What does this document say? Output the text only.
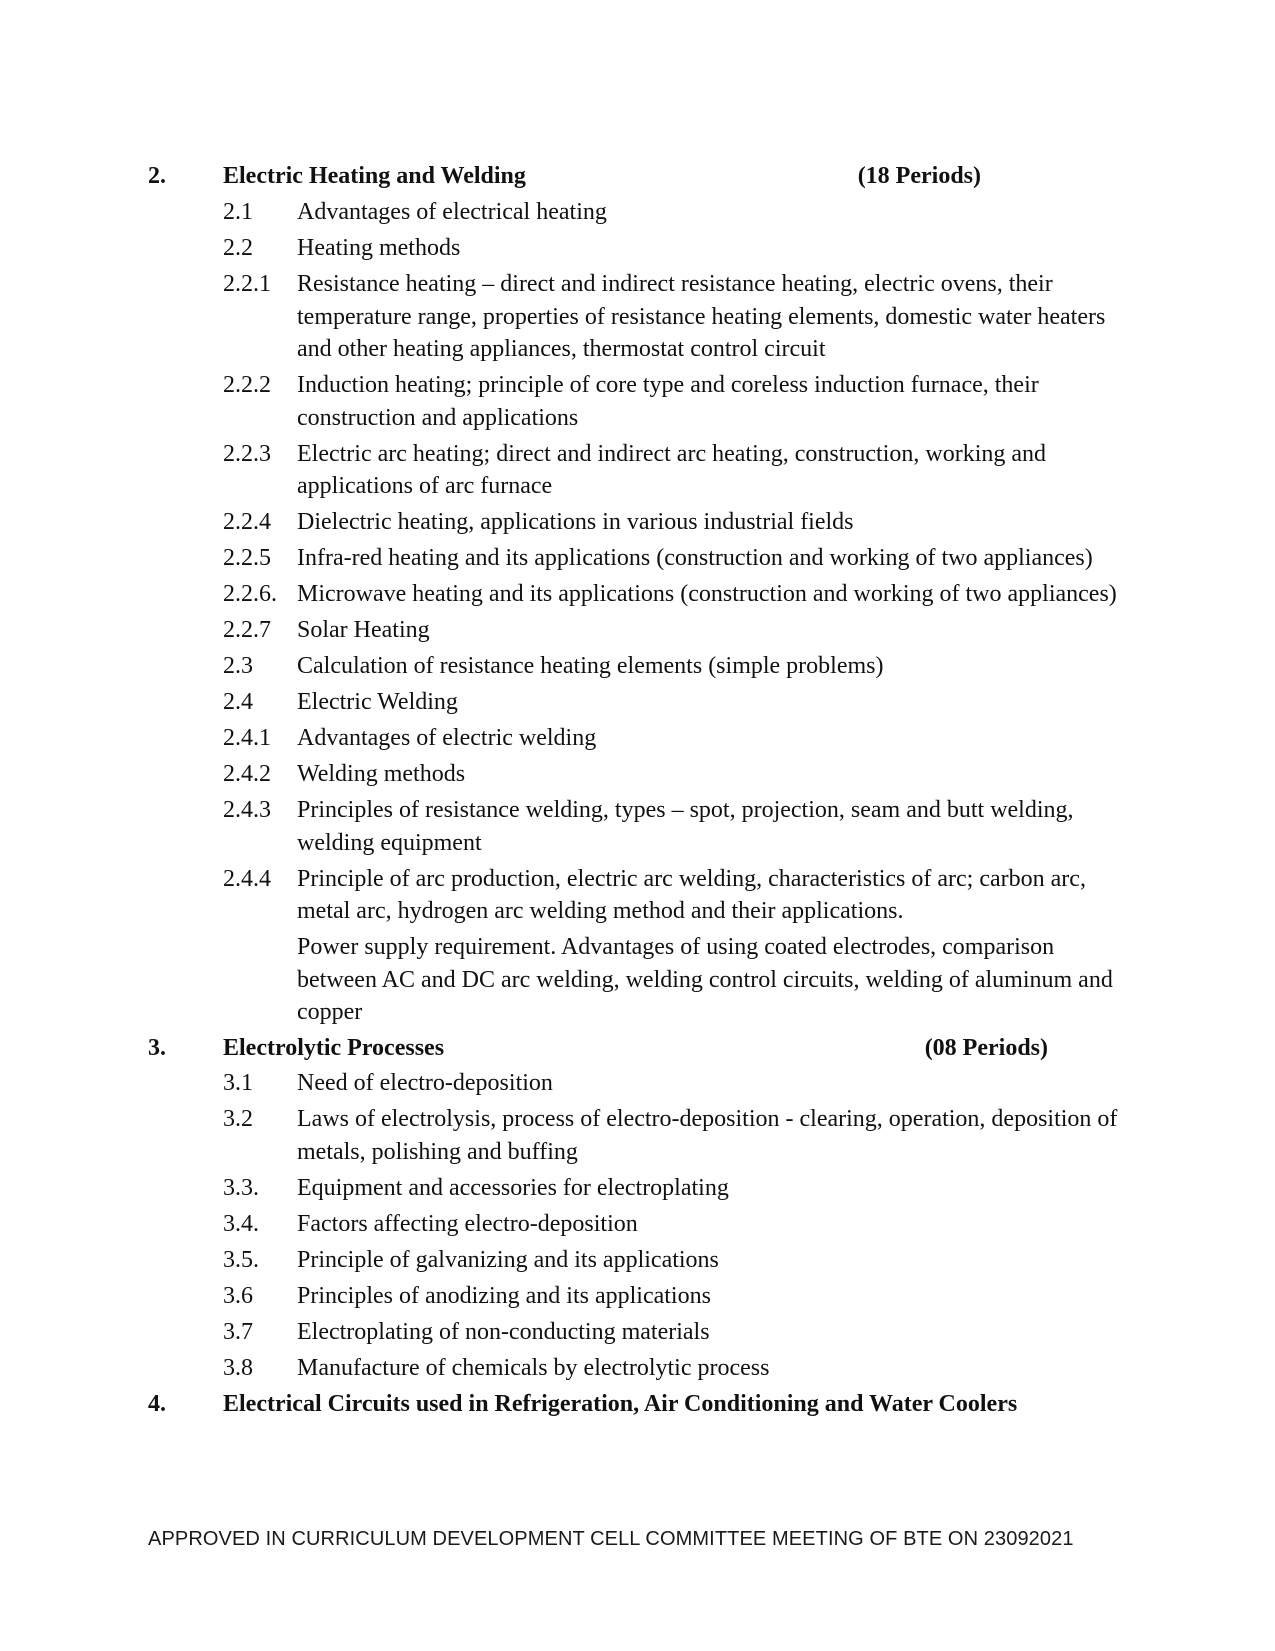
2.	Electric Heating and Welding	(18 Periods)
2.1	Advantages of electrical heating
2.2	Heating methods
2.2.1	Resistance heating – direct and indirect resistance heating, electric ovens, their temperature range, properties of resistance heating elements, domestic water heaters and other heating appliances, thermostat control circuit
2.2.2	Induction heating; principle of core type and coreless induction furnace, their construction and applications
2.2.3	Electric arc heating; direct and indirect arc heating, construction, working and applications of arc furnace
2.2.4	Dielectric heating, applications in various industrial fields
2.2.5	Infra-red heating and its applications (construction and working of two appliances)
2.2.6. Microwave heating and its applications (construction and working of two appliances)
2.2.7	Solar Heating
2.3	Calculation of resistance heating elements (simple problems)
2.4	Electric Welding
2.4.1	Advantages of electric welding
2.4.2	Welding methods
2.4.3	Principles of resistance welding, types – spot, projection, seam and butt welding, welding equipment
2.4.4	Principle of arc production, electric arc welding, characteristics of arc; carbon arc, metal arc, hydrogen arc welding method and their applications.
Power supply requirement. Advantages of using coated electrodes, comparison between AC and DC arc welding, welding control circuits, welding of aluminum and copper
3.	Electrolytic Processes	(08 Periods)
3.1	Need of electro-deposition
3.2	Laws of electrolysis, process of electro-deposition - clearing, operation, deposition of metals, polishing and buffing
3.3.	Equipment and accessories for electroplating
3.4.	Factors affecting electro-deposition
3.5.	Principle of galvanizing and its applications
3.6	Principles of anodizing and its applications
3.7	Electroplating of non-conducting materials
3.8	Manufacture of chemicals by electrolytic process
4.	Electrical Circuits used in Refrigeration, Air Conditioning and Water Coolers
APPROVED IN CURRICULUM DEVELOPMENT CELL COMMITTEE MEETING OF BTE ON 23092021
